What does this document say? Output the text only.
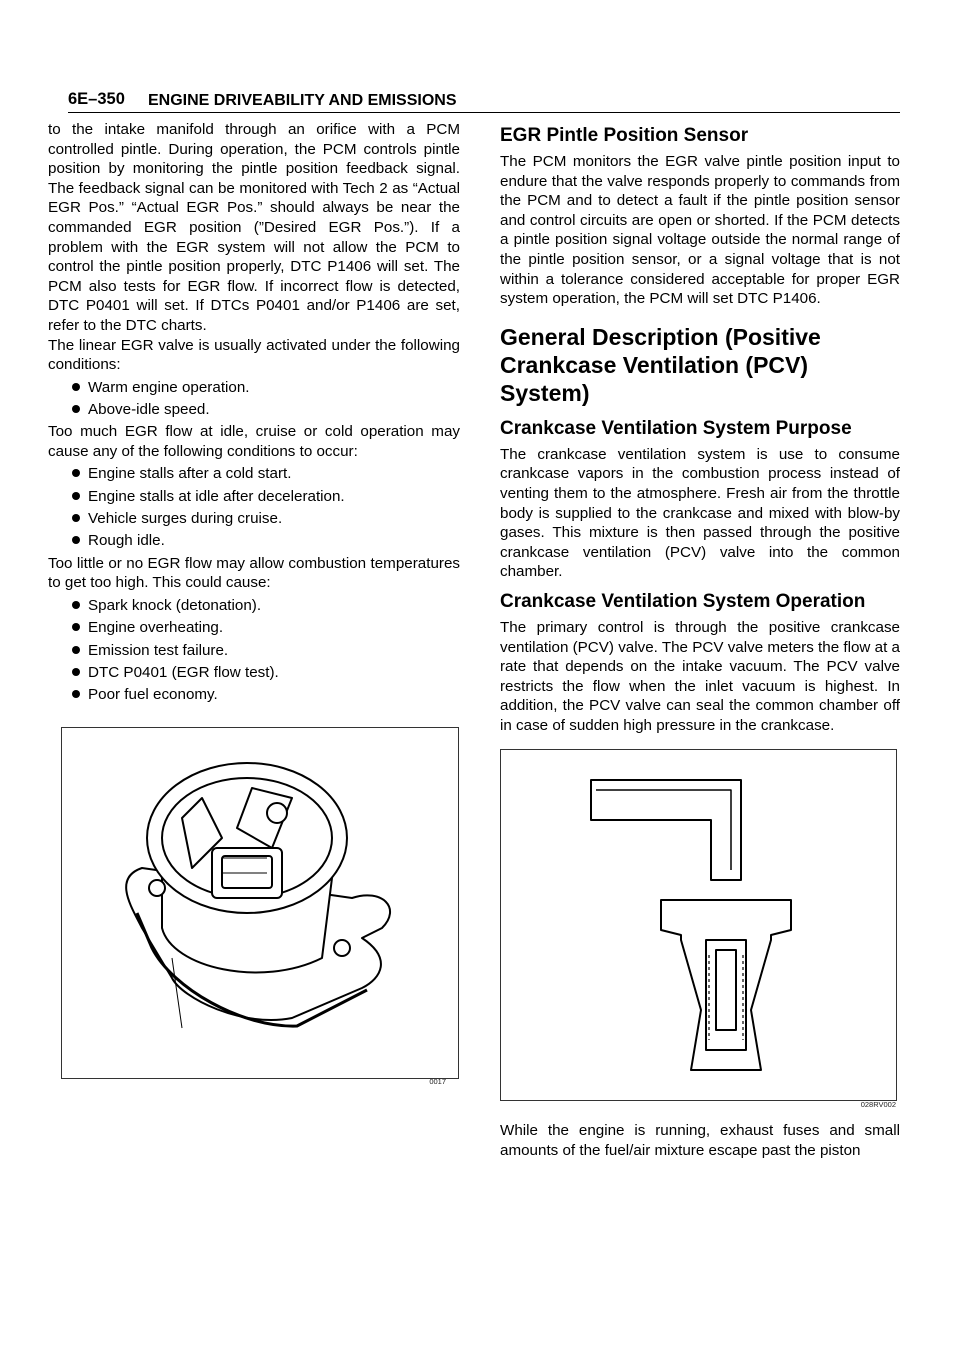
6E–350 ENGINE DRIVEABILITY AND EMISSIONS

to the intake manifold through an orifice with a PCM controlled pintle. During operation, the PCM controls pintle position by monitoring the pintle position feedback signal. The feedback signal can be monitored with Tech 2 as “Actual EGR Pos.” “Actual EGR Pos.” should always be near the commanded EGR position (”Desired EGR Pos.”). If a problem with the EGR system will not allow the PCM to control the pintle position properly, DTC P1406 will set. The PCM also tests for EGR flow. If incorrect flow is detected, DTC P0401 will set. If DTCs P0401 and/or P1406 are set, refer to the DTC charts.

The linear EGR valve is usually activated under the following conditions:

Warm engine operation.
Above-idle speed.

Too much EGR flow at idle, cruise or cold operation may cause any of the following conditions to occur:

Engine stalls after a cold start.
Engine stalls at idle after deceleration.
Vehicle surges during cruise.
Rough idle.

Too little or no EGR flow may allow combustion temperatures to get too high. This could cause:

Spark knock (detonation).
Engine overheating.
Emission test failure.
DTC P0401 (EGR flow test).
Poor fuel economy.
0017
EGR Pintle Position Sensor

The PCM monitors the EGR valve pintle position input to endure that the valve responds properly to commands from the PCM and to detect a fault if the pintle position sensor and control circuits are open or shorted. If the PCM detects a pintle position signal voltage outside the normal range of the pintle position sensor, or a signal voltage that is not within a tolerance considered acceptable for proper EGR system operation, the PCM will set DTC P1406.

General Description (Positive Crankcase Ventilation (PCV) System)
Crankcase Ventilation System Purpose

The crankcase ventilation system is use to consume crankcase vapors in the combustion process instead of venting them to the atmosphere. Fresh air from the throttle body is supplied to the crankcase and mixed with blow-by gases. This mixture is then passed through the positive crankcase ventilation (PCV) valve into the common chamber.

Crankcase Ventilation System Operation

The primary control is through the positive crankcase ventilation (PCV) valve. The PCV valve meters the flow at a rate that depends on the intake vacuum. The PCV valve restricts the flow when the inlet vacuum is highest. In addition, the PCV valve can seal the common chamber off in case of sudden high pressure in the crankcase.

028RV002

While the engine is running, exhaust fuses and small amounts of the fuel/air mixture escape past the piston
